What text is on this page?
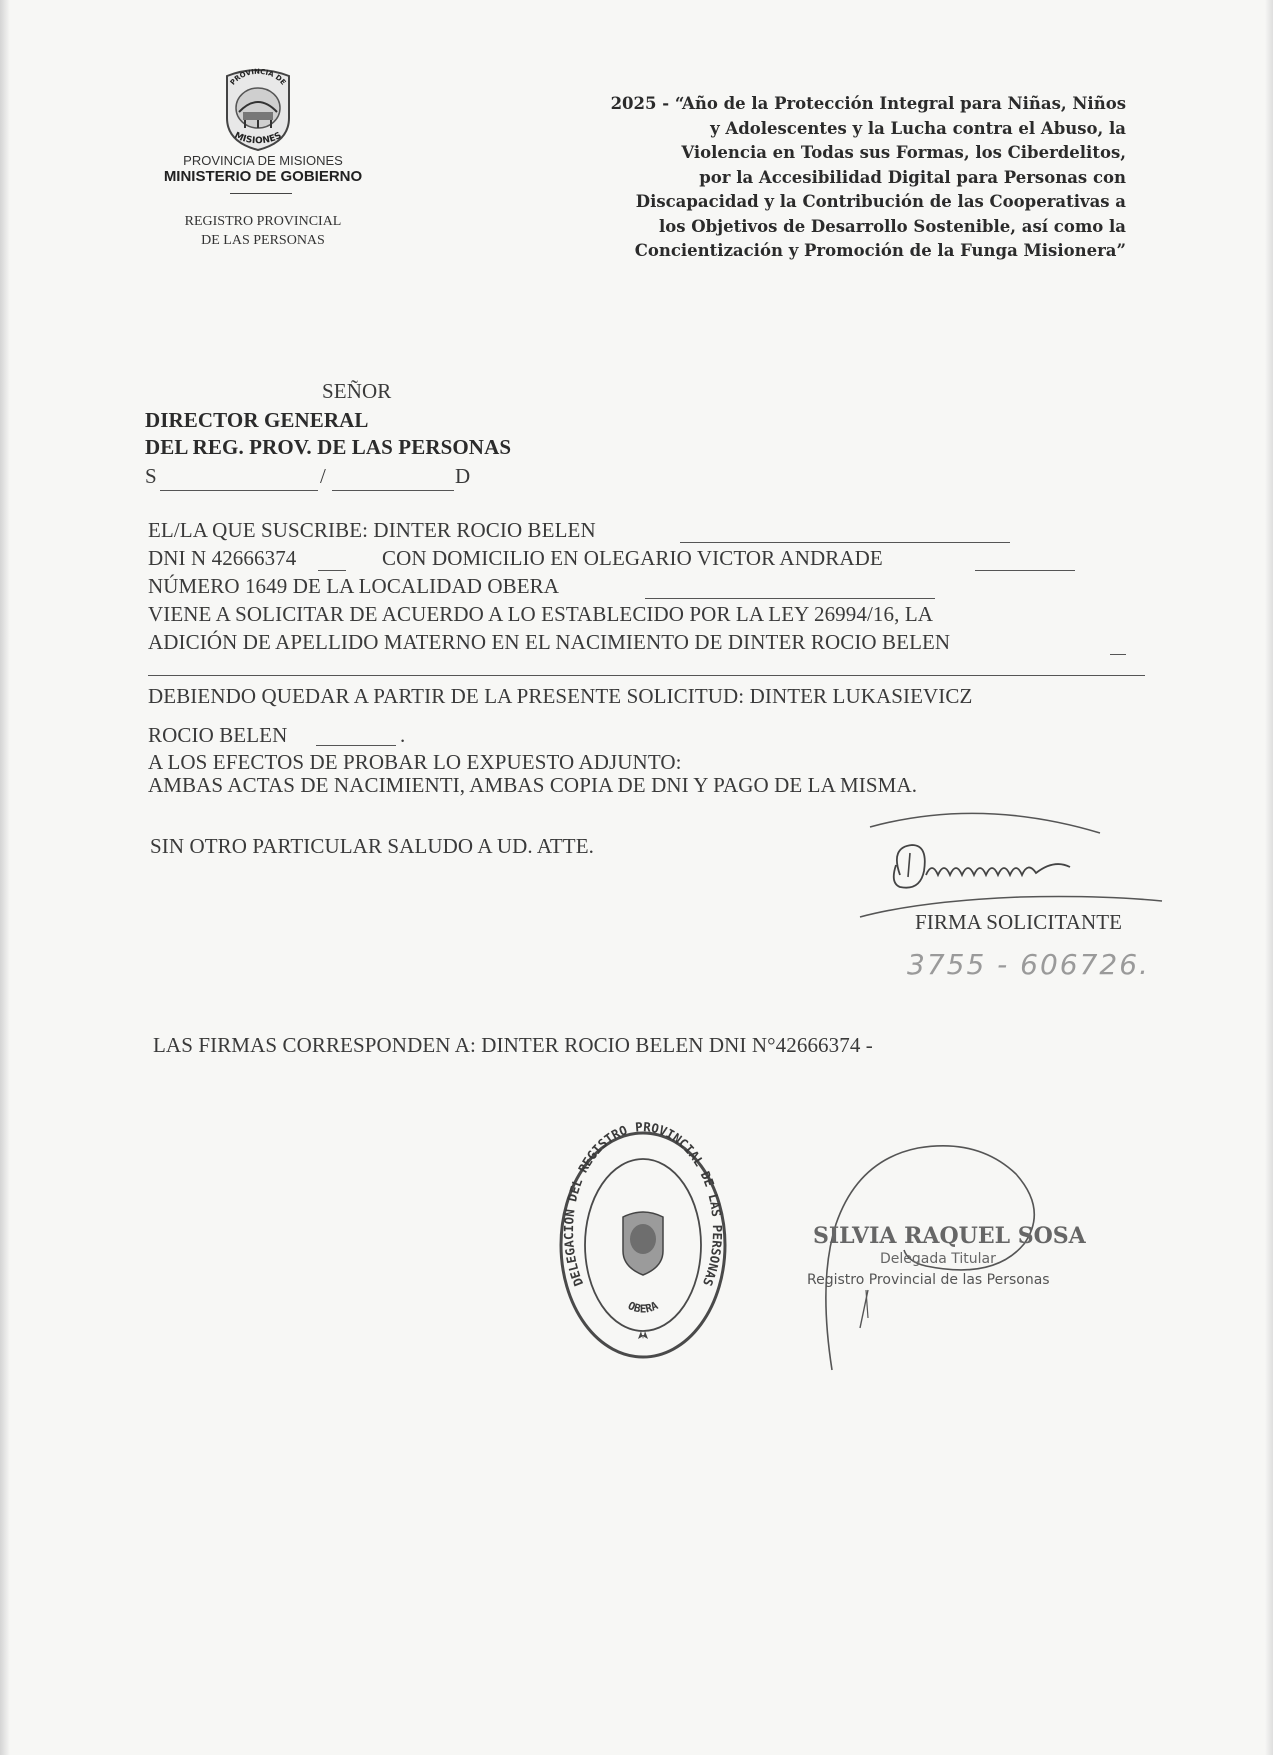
PROVINCIA DE
MISIONES
PROVINCIA DE MISIONES
MINISTERIO DE GOBIERNO
REGISTRO PROVINCIAL
DE LAS PERSONAS
2025 - “Año de la Protección Integral para Niñas, Niños
y Adolescentes y la Lucha contra el Abuso, la
Violencia en Todas sus Formas, los Ciberdelitos,
por la Accesibilidad Digital para Personas con
Discapacidad y la Contribución de las Cooperativas a
los Objetivos de Desarrollo Sostenible, así como la
Concientización y Promoción de la Funga Misionera”
SEÑOR
DIRECTOR GENERAL
DEL REG. PROV. DE LAS PERSONAS
S	/	D
EL/LA QUE SUSCRIBE: DINTER ROCIO BELEN
DNI N 42666374	CON DOMICILIO EN OLEGARIO VICTOR ANDRADE
NÚMERO 1649 DE LA LOCALIDAD OBERA
VIENE A SOLICITAR DE ACUERDO A LO ESTABLECIDO POR LA LEY 26994/16, LA
ADICIÓN DE APELLIDO MATERNO EN EL NACIMIENTO DE DINTER ROCIO BELEN
DEBIENDO QUEDAR A PARTIR DE LA PRESENTE SOLICITUD: DINTER LUKASIEVICZ
ROCIO BELEN	.
A LOS EFECTOS DE PROBAR LO EXPUESTO ADJUNTO:
AMBAS ACTAS DE NACIMIENTI, AMBAS COPIA DE DNI Y PAGO DE LA MISMA.
SIN OTRO PARTICULAR SALUDO A UD. ATTE.
FIRMA SOLICITANTE
3755 - 606726.
LAS FIRMAS CORRESPONDEN A: DINTER ROCIO BELEN DNI N°42666374 -
DELEGACION DEL REGISTRO PROVINCIAL DE LAS PERSONAS
OBERA
SILVIA RAQUEL SOSA
Delegada Titular
Registro Provincial de las Personas
